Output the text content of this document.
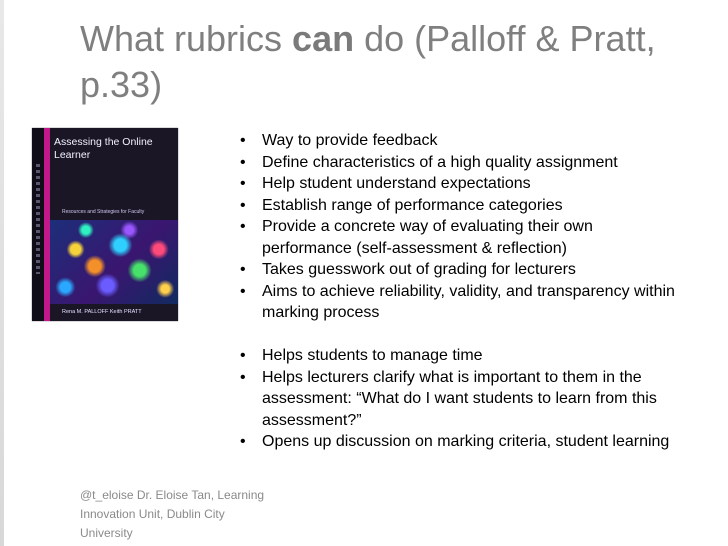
What rubrics can do (Palloff & Pratt, p.33)

Assessing the Online Learner

Resources and Strategies for Faculty

Rena M. PALLOFF Keith PRATT

• Way to provide feedback
• Define characteristics of a high quality assignment
• Help student understand expectations
• Establish range of performance categories
• Provide a concrete way of evaluating their own performance (self-assessment & reflection)
• Takes guesswork out of grading for lecturers
• Aims to achieve reliability, validity, and transparency within marking process
• Helps students to manage time
• Helps lecturers clarify what is important to them in the assessment: “What do I want students to learn from this assessment?”
• Opens up discussion on marking criteria, student learning

@t_eloise Dr. Eloise Tan, Learning Innovation Unit, Dublin City University
